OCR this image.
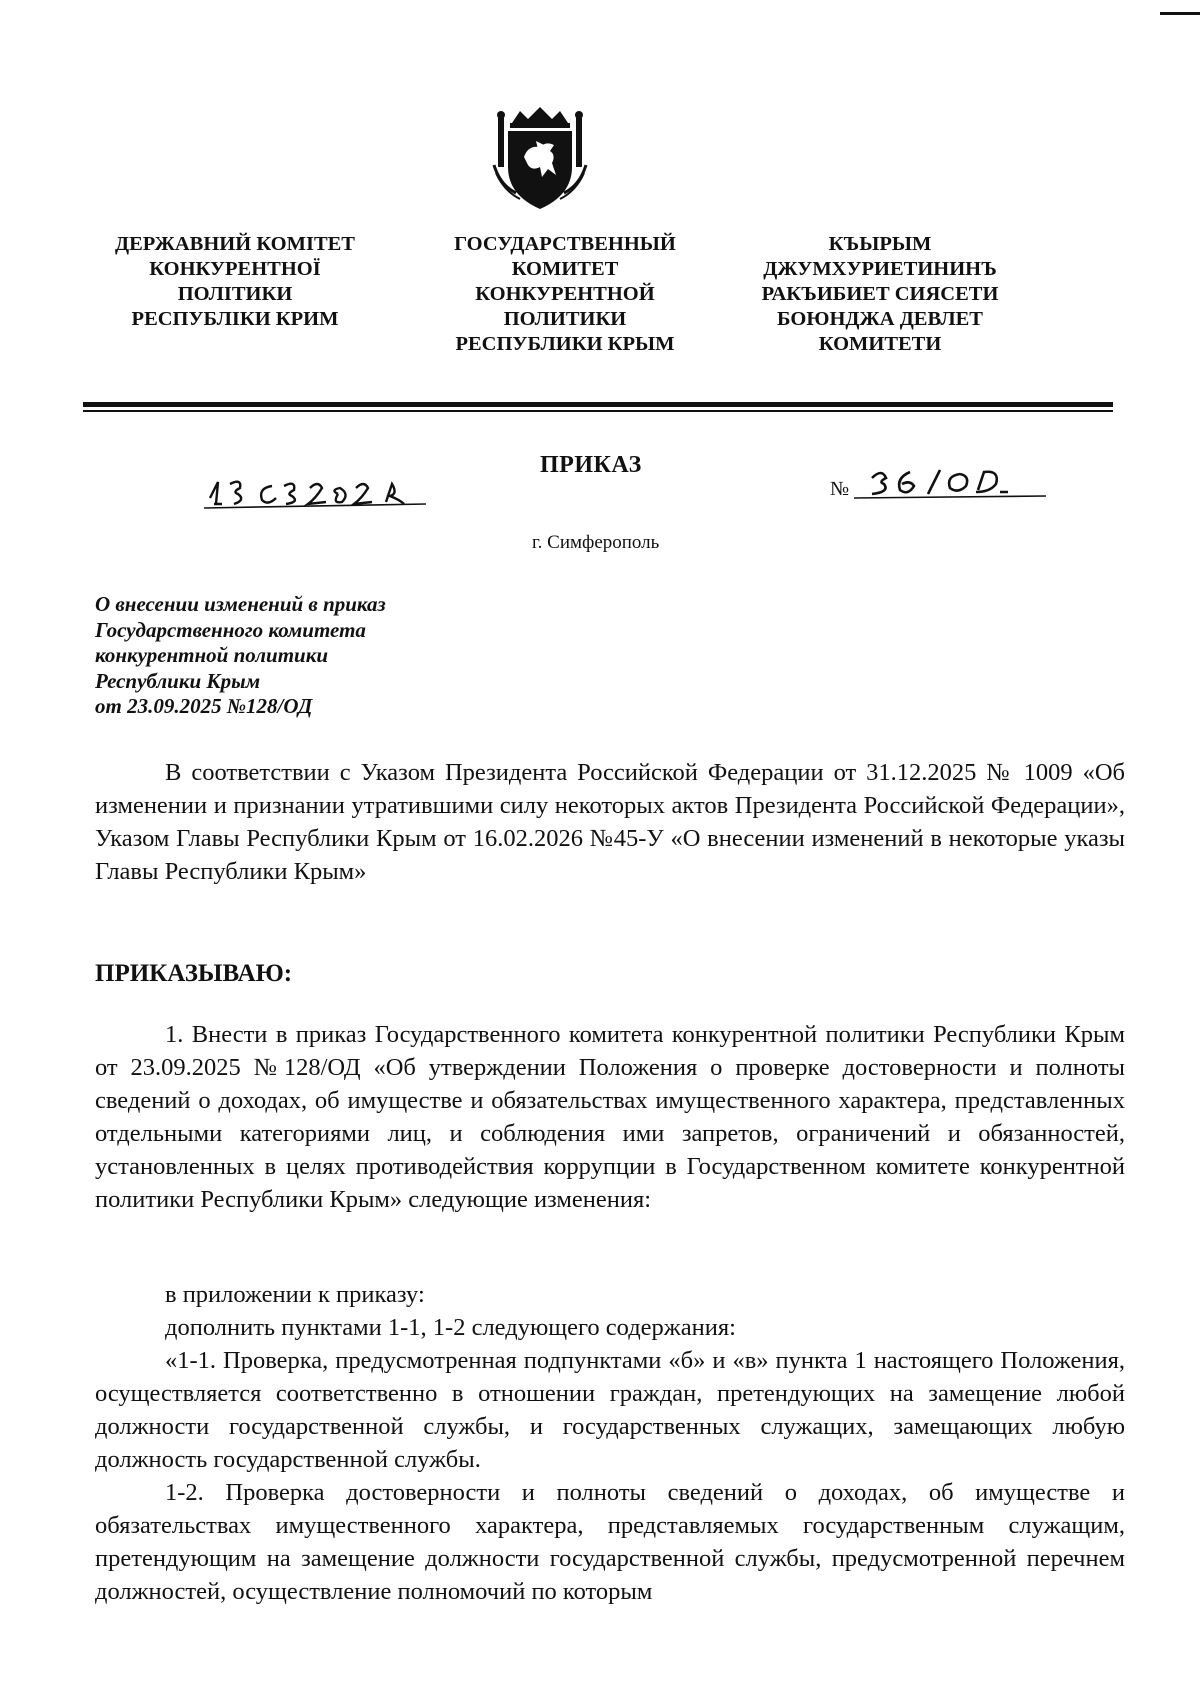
ДЕРЖАВНИЙ КОМІТЕТ
КОНКУРЕНТНОЇ
ПОЛІТИКИ
РЕСПУБЛІКИ КРИМ
ГОСУДАРСТВЕННЫЙ
КОМИТЕТ
КОНКУРЕНТНОЙ
ПОЛИТИКИ
РЕСПУБЛИКИ КРЫМ
КЪЫРЫМ
ДЖУМХУРИЕТИНИНЪ
РАКЪИБИЕТ СИЯСЕТИ
БОЮНДЖА ДЕВЛЕТ
КОМИТЕТИ
ПРИКАЗ
№
г. Симферополь
О внесении изменений в приказ
Государственного комитета
конкурентной политики
Республики Крым
от 23.09.2025 №128/ОД

В соответствии с Указом Президента Российской Федерации от 31.12.2025 № 1009 «Об изменении и признании утратившими силу некоторых актов Президента Российской Федерации», Указом Главы Республики Крым от 16.02.2026 №45-У «О внесении изменений в некоторые указы Главы Республики Крым»

ПРИКАЗЫВАЮ:

1. Внести в приказ Государственного комитета конкурентной политики Республики Крым от 23.09.2025 №128/ОД «Об утверждении Положения о проверке достоверности и полноты сведений о доходах, об имуществе и обязательствах имущественного характера, представленных отдельными категориями лиц, и соблюдения ими запретов, ограничений и обязанностей, установленных в целях противодействия коррупции в Государственном комитете конкурентной политики Республики Крым» следующие изменения:

в приложении к приказу:

дополнить пунктами 1-1, 1-2 следующего содержания:

«1-1. Проверка, предусмотренная подпунктами «б» и «в» пункта 1 настоящего Положения, осуществляется соответственно в отношении граждан, претендующих на замещение любой должности государственной службы, и государственных служащих, замещающих любую должность государственной службы.

1-2. Проверка достоверности и полноты сведений о доходах, об имуществе и обязательствах имущественного характера, представляемых государственным служащим, претендующим на замещение должности государственной службы, предусмотренной перечнем должностей, осуществление полномочий по которым
